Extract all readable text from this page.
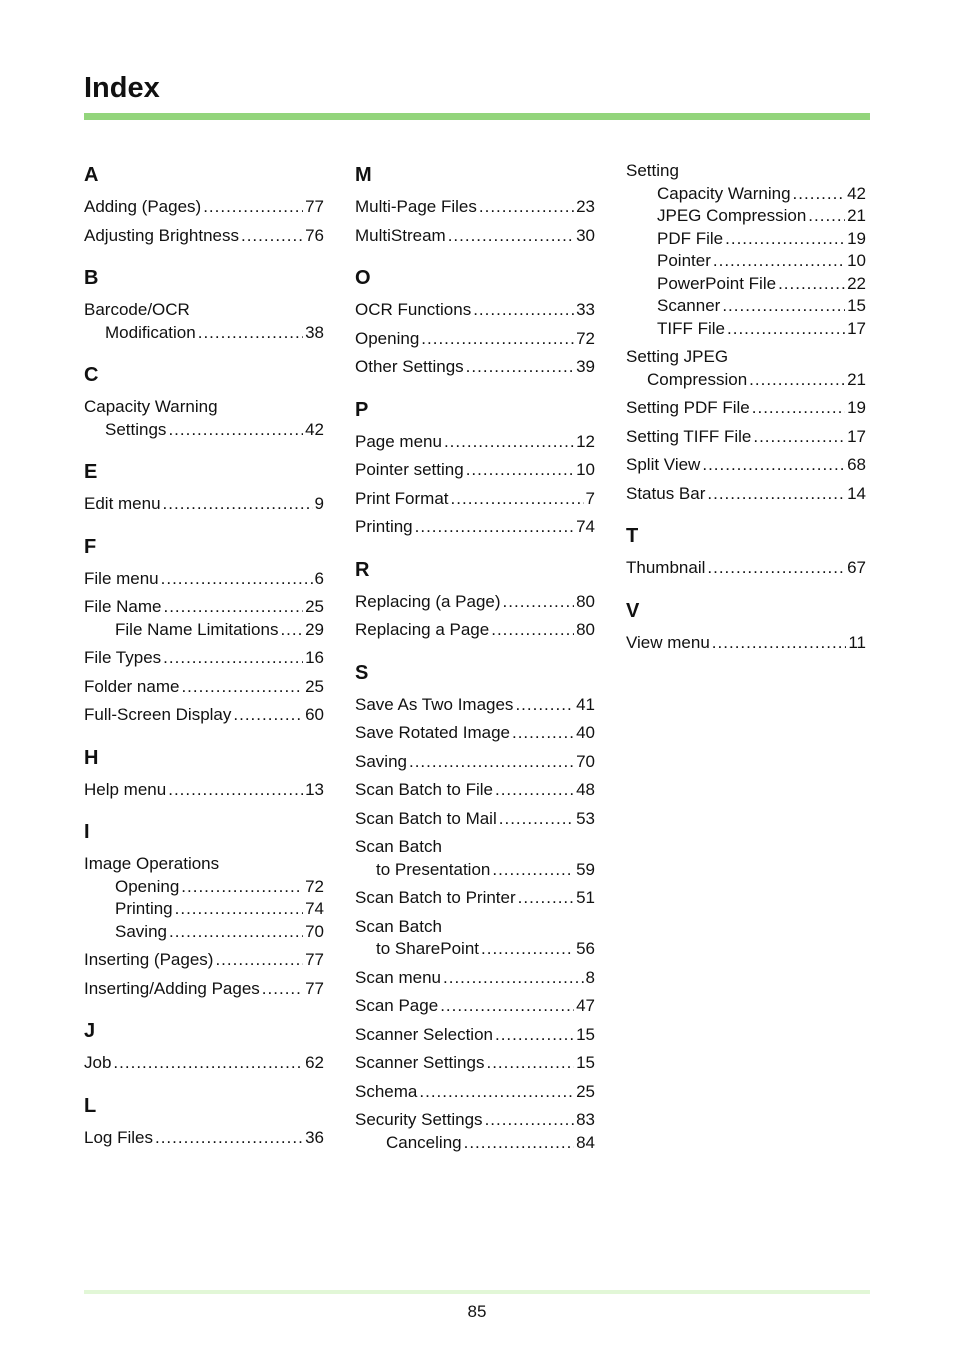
Index
A
Adding (Pages) .....	77
Adjusting Brightness .....	76
B
Barcode/OCR
Modification .....	38
C
Capacity Warning
Settings .....	42
E
Edit menu .....	9
F
File menu .....	6
File Name .....	25
File Name Limitations ..... 29
File Types .....	16
Folder name .....	25
Full-Screen Display .....	60
H
Help menu .....	13
I
Image Operations
Opening .....	72
Printing .....	74
Saving .....	70
Inserting (Pages) .....	77
Inserting/Adding Pages .....	77
J
Job .....	62
L
Log Files .....	36
M
Multi-Page Files .....	23
MultiStream .....	30
O
OCR Functions .....	33
Opening .....	72
Other Settings .....	39
P
Page menu .....	12
Pointer setting .....	10
Print Format .....	7
Printing .....	74
R
Replacing (a Page) .....	80
Replacing a Page .....	80
S
Save As Two Images .....	41
Save Rotated Image .....	40
Saving .....	70
Scan Batch to File .....	48
Scan Batch to Mail .....	53
Scan Batch
to Presentation .....	59
Scan Batch to Printer .....	51
Scan Batch
to SharePoint .....	56
Scan menu .....	8
Scan Page .....	47
Scanner Selection .....	15
Scanner Settings .....	15
Schema .....	25
Security Settings .....	83
Canceling .....	84
Setting
Capacity Warning .....	42
JPEG Compression ..... 21
PDF File .....	19
Pointer .....	10
PowerPoint File .....	22
Scanner .....	15
TIFF File .....	17
Setting JPEG
Compression .....	21
Setting PDF File .....	19
Setting TIFF File .....	17
Split View .....	68
Status Bar .....	14
T
Thumbnail .....	67
V
View menu .....	11
85
